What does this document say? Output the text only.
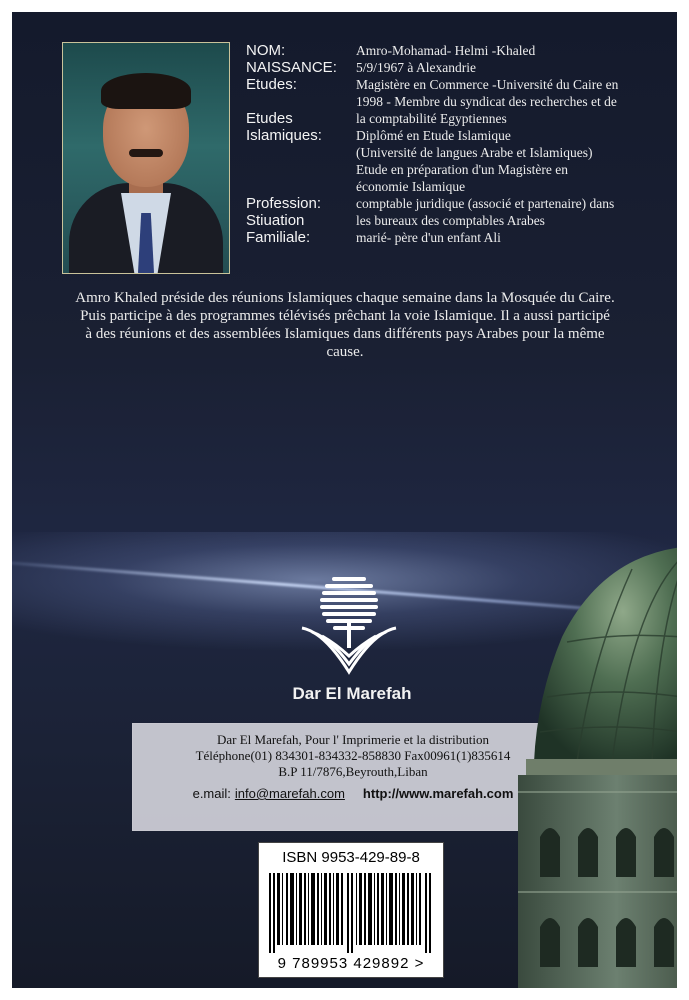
NOM:	Amro-Mohamad- Helmi -Khaled
NAISSANCE:	5/9/1967 à Alexandrie
Etudes:	Magistère en Commerce -Université du Caire en
1998 - Membre du syndicat des recherches et de
Etudes	la comptabilité Egyptiennes
Islamiques:	Diplômé en Etude Islamique
(Université de langues Arabe et Islamiques)
Etude en préparation d'un Magistère en
économie Islamique
Profession:	comptable juridique (associé et partenaire) dans
Stiuation	les bureaux des comptables Arabes
Familiale:	marié- père d'un enfant Ali
Amro Khaled préside des réunions Islamiques chaque semaine dans la Mosquée du Caire.
Puis participe à des programmes télévisés prêchant la voie Islamique. Il a aussi participé
à des réunions et des assemblées Islamiques dans différents pays Arabes pour la même
cause.
Dar El Marefah
Dar El Marefah, Pour l' Imprimerie et la distribution
Téléphone(01) 834301-834332-858830 Fax00961(1)835614
B.P 11/7876,Beyrouth,Liban
e.mail: info@marefah.com http://www.marefah.com
ISBN 9953-429-89-8
9 789953 429892 >
